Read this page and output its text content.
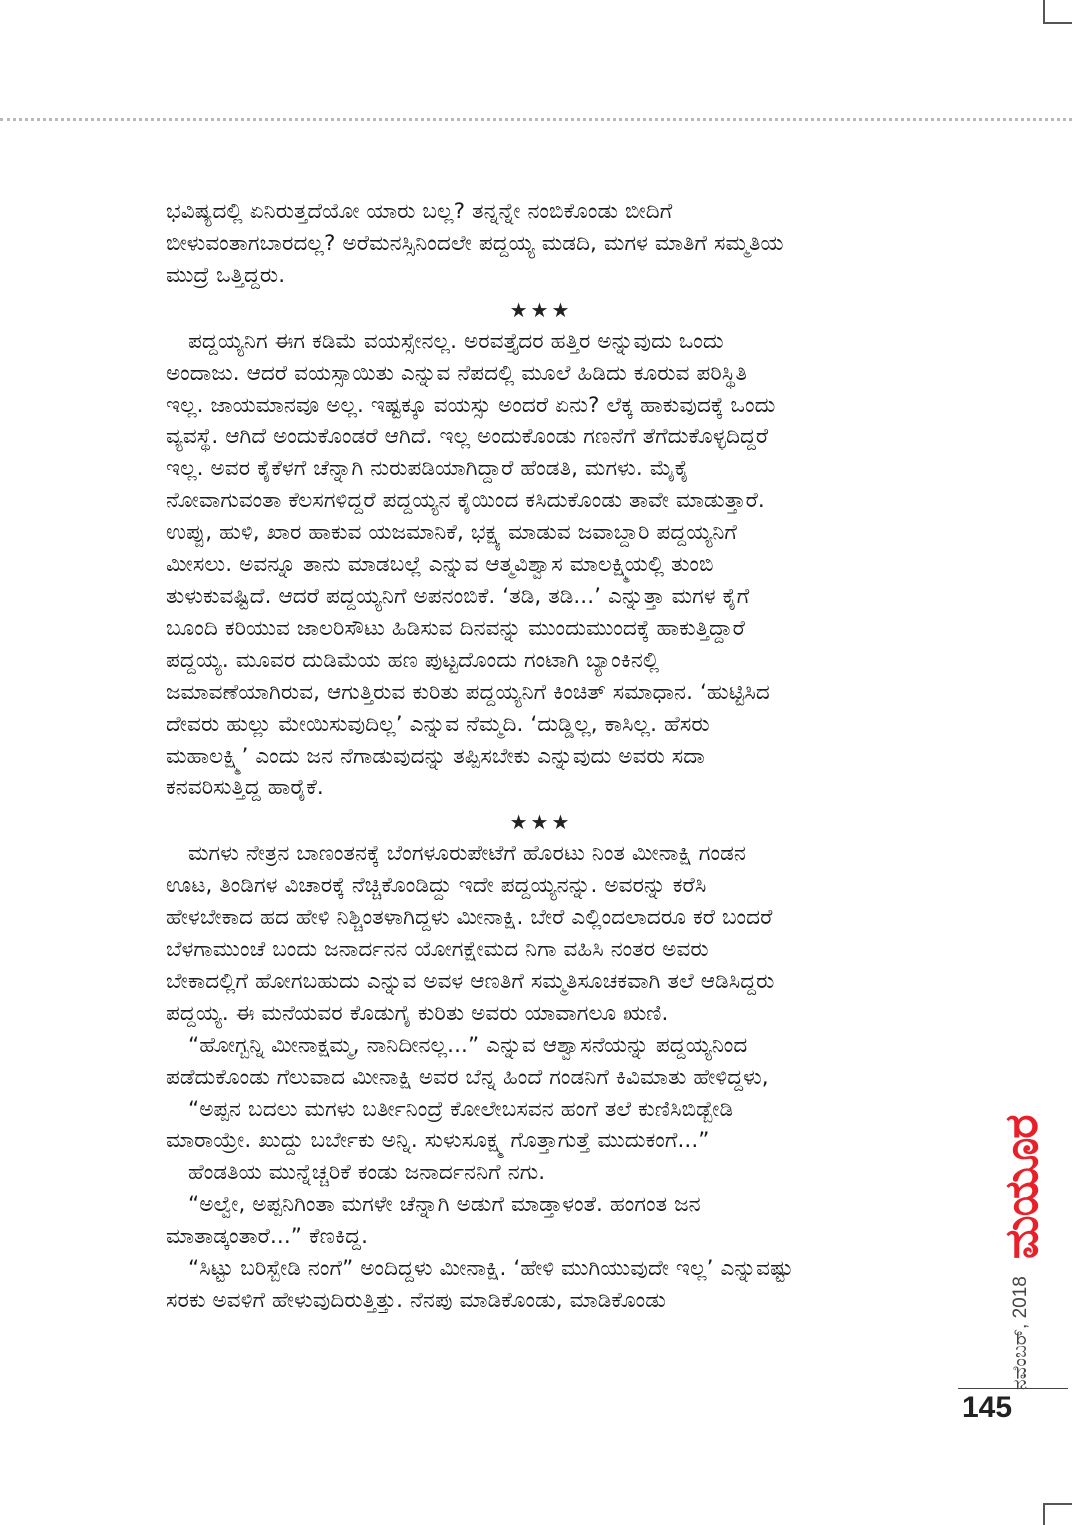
ಭವಿಷ್ಯದಲ್ಲಿ ಏನಿರುತ್ತದೆಯೋ ಯಾರು ಬಲ್ಲ? ತನ್ನನ್ನೇ ನಂಬಿಕೊಂಡು ಬೀದಿಗೆ

ಬೀಳುವಂತಾಗಬಾರದಲ್ಲ? ಅರೆಮನಸ್ಸಿನಿಂದಲೇ ಪದ್ದಯ್ಯ ಮಡದಿ, ಮಗಳ ಮಾತಿಗೆ ಸಮ್ಮತಿಯ

ಮುದ್ರೆ ಒತ್ತಿದ್ದರು.

★★★

ಪದ್ದಯ್ಯನಿಗ ಈಗ ಕಡಿಮೆ ವಯಸ್ಸೇನಲ್ಲ. ಅರವತ್ತೈದರ ಹತ್ತಿರ ಅನ್ನುವುದು ಒಂದು

ಅಂದಾಜು. ಆದರೆ ವಯಸ್ಸಾಯಿತು ಎನ್ನುವ ನೆಪದಲ್ಲಿ ಮೂಲೆ ಹಿಡಿದು ಕೂರುವ ಪರಿಸ್ಥಿತಿ

ಇಲ್ಲ. ಜಾಯಮಾನವೂ ಅಲ್ಲ. ಇಷ್ಟಕ್ಕೂ ವಯಸ್ಸು ಅಂದರೆ ಏನು? ಲೆಕ್ಕ ಹಾಕುವುದಕ್ಕೆ ಒಂದು

ವ್ಯವಸ್ಥೆ. ಆಗಿದೆ ಅಂದುಕೊಂಡರೆ ಆಗಿದೆ. ಇಲ್ಲ ಅಂದುಕೊಂಡು ಗಣನೆಗೆ ತೆಗೆದುಕೊಳ್ಳದಿದ್ದರೆ

ಇಲ್ಲ. ಅವರ ಕೈಕೆಳಗೆ ಚೆನ್ನಾಗಿ ನುರುಪಡಿಯಾಗಿದ್ದಾರೆ ಹೆಂಡತಿ, ಮಗಳು. ಮೈಕೈ

ನೋವಾಗುವಂತಾ ಕೆಲಸಗಳಿದ್ದರೆ ಪದ್ದಯ್ಯನ ಕೈಯಿಂದ ಕಸಿದುಕೊಂಡು ತಾವೇ ಮಾಡುತ್ತಾರೆ.

ಉಪ್ಪು, ಹುಳಿ, ಖಾರ ಹಾಕುವ ಯಜಮಾನಿಕೆ, ಭಕ್ಷ್ಯ ಮಾಡುವ ಜವಾಬ್ದಾರಿ ಪದ್ದಯ್ಯನಿಗೆ

ಮೀಸಲು. ಅವನ್ನೂ ತಾನು ಮಾಡಬಲ್ಲೆ ಎನ್ನುವ ಆತ್ಮವಿಶ್ವಾಸ ಮಾಲಕ್ಷ್ಮಿಯಲ್ಲಿ ತುಂಬಿ

ತುಳುಕುವಷ್ಟಿದೆ. ಆದರೆ ಪದ್ದಯ್ಯನಿಗೆ ಅಪನಂಬಿಕೆ. ‘ತಡಿ, ತಡಿ...’ ಎನ್ನುತ್ತಾ ಮಗಳ ಕೈಗೆ

ಬೂಂದಿ ಕರಿಯುವ ಜಾಲರಿಸೌಟು ಹಿಡಿಸುವ ದಿನವನ್ನು ಮುಂದುಮುಂದಕ್ಕೆ ಹಾಕುತ್ತಿದ್ದಾರೆ

ಪದ್ದಯ್ಯ. ಮೂವರ ದುಡಿಮೆಯ ಹಣ ಪುಟ್ಟದೊಂದು ಗಂಟಾಗಿ ಬ್ಯಾಂಕಿನಲ್ಲಿ

ಜಮಾವಣೆಯಾಗಿರುವ, ಆಗುತ್ತಿರುವ ಕುರಿತು ಪದ್ದಯ್ಯನಿಗೆ ಕಿಂಚಿತ್ ಸಮಾಧಾನ. ‘ಹುಟ್ಟಿಸಿದ

ದೇವರು ಹುಲ್ಲು ಮೇಯಿಸುವುದಿಲ್ಲ’ ಎನ್ನುವ ನೆಮ್ಮದಿ. ‘ದುಡ್ಡಿಲ್ಲ, ಕಾಸಿಲ್ಲ. ಹೆಸರು

ಮಹಾಲಕ್ಷ್ಮಿ’ ಎಂದು ಜನ ನೆಗಾಡುವುದನ್ನು ತಪ್ಪಿಸಬೇಕು ಎನ್ನುವುದು ಅವರು ಸದಾ

ಕನವರಿಸುತ್ತಿದ್ದ ಹಾರೈಕೆ.

★★★

ಮಗಳು ನೇತ್ರನ ಬಾಣಂತನಕ್ಕೆ ಬೆಂಗಳೂರುಪೇಟೆಗೆ ಹೊರಟು ನಿಂತ ಮೀನಾಕ್ಷಿ ಗಂಡನ

ಊಟ, ತಿಂಡಿಗಳ ವಿಚಾರಕ್ಕೆ ನೆಚ್ಚಿಕೊಂಡಿದ್ದು ಇದೇ ಪದ್ದಯ್ಯನನ್ನು. ಅವರನ್ನು ಕರೆಸಿ

ಹೇಳಬೇಕಾದ ಹದ ಹೇಳಿ ನಿಶ್ಚಿಂತಳಾಗಿದ್ದಳು ಮೀನಾಕ್ಷಿ. ಬೇರೆ ಎಲ್ಲಿಂದಲಾದರೂ ಕರೆ ಬಂದರೆ

ಬೆಳಗಾಮುಂಚೆ ಬಂದು ಜನಾರ್ದನನ ಯೋಗಕ್ಷೇಮದ ನಿಗಾ ವಹಿಸಿ ನಂತರ ಅವರು

ಬೇಕಾದಲ್ಲಿಗೆ ಹೋಗಬಹುದು ಎನ್ನುವ ಅವಳ ಆಣತಿಗೆ ಸಮ್ಮತಿಸೂಚಕವಾಗಿ ತಲೆ ಆಡಿಸಿದ್ದರು

ಪದ್ದಯ್ಯ. ಈ ಮನೆಯವರ ಕೊಡುಗೈ ಕುರಿತು ಅವರು ಯಾವಾಗಲೂ ಋಣಿ.

“ಹೋಗ್ಬನ್ನಿ ಮೀನಾಕ್ಷಮ್ಮ, ನಾನಿದೀನಲ್ಲ...” ಎನ್ನುವ ಆಶ್ವಾಸನೆಯನ್ನು ಪದ್ದಯ್ಯನಿಂದ

ಪಡೆದುಕೊಂಡು ಗೆಲುವಾದ ಮೀನಾಕ್ಷಿ ಅವರ ಬೆನ್ನ ಹಿಂದೆ ಗಂಡನಿಗೆ ಕಿವಿಮಾತು ಹೇಳಿದ್ದಳು,

“ಅಪ್ಪನ ಬದಲು ಮಗಳು ಬರ್ತೀನಿಂದ್ರೆ ಕೋಲೇಬಸವನ ಹಂಗೆ ತಲೆ ಕುಣಿಸಿಬಿಡ್ಬೇಡಿ

ಮಾರಾಯ್ರೇ. ಖುದ್ದು ಬರ್ಬೇಕು ಅನ್ನಿ. ಸುಳುಸೂಕ್ಷ್ಮ ಗೊತ್ತಾಗುತ್ತೆ ಮುದುಕಂಗೆ...”

ಹೆಂಡತಿಯ ಮುನ್ನೆಚ್ಚರಿಕೆ ಕಂಡು ಜನಾರ್ದನನಿಗೆ ನಗು.

“ಅಲ್ವೇ, ಅಪ್ಪನಿಗಿಂತಾ ಮಗಳೇ ಚೆನ್ನಾಗಿ ಅಡುಗೆ ಮಾಡ್ತಾಳಂತೆ. ಹಂಗಂತ ಜನ

ಮಾತಾಡ್ಕಂತಾರೆ...” ಕೆಣಕಿದ್ದ.

“ಸಿಟ್ಟು ಬರಿಸ್ಬೇಡಿ ನಂಗೆ” ಅಂದಿದ್ದಳು ಮೀನಾಕ್ಷಿ. ‘ಹೇಳಿ ಮುಗಿಯುವುದೇ ಇಲ್ಲ’ ಎನ್ನುವಷ್ಟು

ಸರಕು ಅವಳಿಗೆ ಹೇಳುವುದಿರುತ್ತಿತ್ತು. ನೆನಪು ಮಾಡಿಕೊಂಡು, ಮಾಡಿಕೊಂಡು	ನವೆಂಬರ್, 2018 ಮಯೂರ
145
